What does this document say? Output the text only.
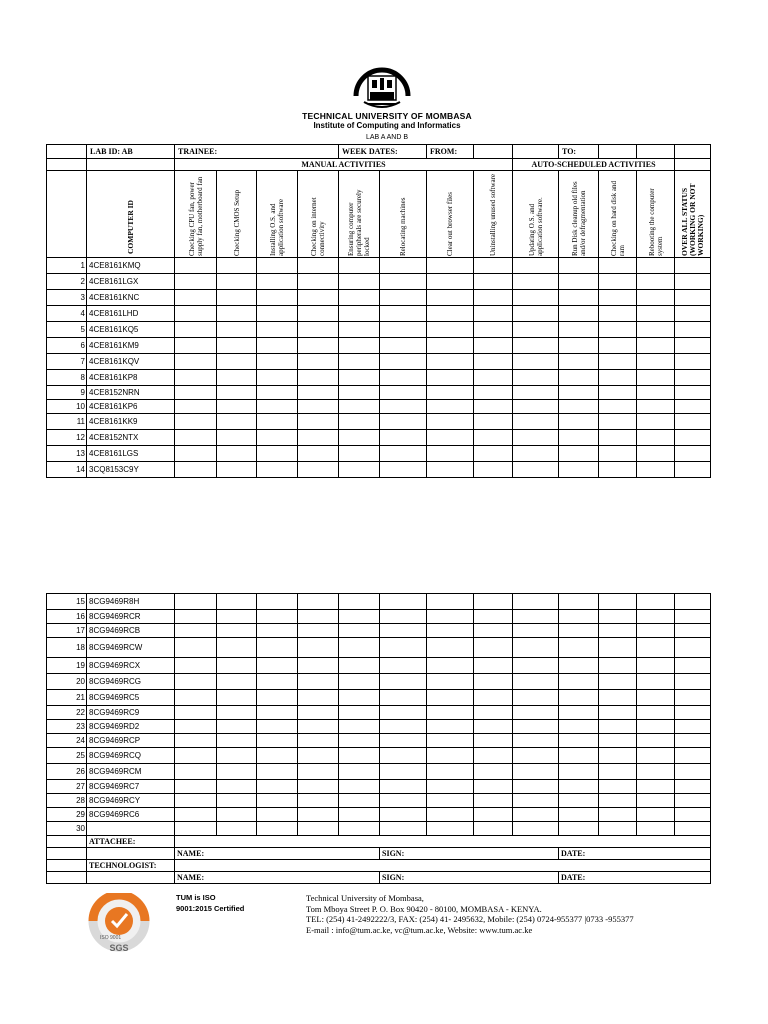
TECHNICAL UNIVERSITY OF MOMBASA
Institute of Computing and Informatics
LAB A AND B
	LAB ID: AB	TRAINEE:				WEEK DATES:		FROM:			TO:			
		MANUAL ACTIVITIES								AUTO-SCHEDULED ACTIVITIES				

	COMPUTER ID	Checking CPU fan, power supply fan, motherboard fan	Checking CMOS Setup	Installing O.S. and application software	Checking on internet connectivity	Ensuring computer peripherals are securely locked	Relocating machines	Clear out browser files	Uninstalling unused software	Updating O.S. and application software.	Run Disk cleanup old files and/or defragmentation	Checking on hard disk and ram	Rebooting the computer system	OVER ALL STATUS (WORKING OR NOT WORKING)

1	4CE8161KMQ													
2	4CE8161LGX													
3	4CE8161KNC													
4	4CE8161LHD													
5	4CE8161KQ5													
6	4CE8161KM9													
7	4CE8161KQV													
8	4CE8161KP8													
9	4CE8152NRN													
10	4CE8161KP6													
11	4CE8161KK9													
12	4CE8152NTX													
13	4CE8161LGS													
14	3CQ8153C9Y													
15	8CG9469R8H													
16	8CG9469RCR													
17	8CG9469RCB													
18	8CG9469RCW													
19	8CG9469RCX													
20	8CG9469RCG													
21	8CG9469RC5													
22	8CG9469RC9													
23	8CG9469RD2													
24	8CG9469RCP													
25	8CG9469RCQ													
26	8CG9469RCM													
27	8CG9469RC7													
28	8CG9469RCY													
29	8CG9469RC6													
30														
	ATTACHEE:													
		NAME:					SIGN:				DATE:			
	TECHNOLOGIST:													
		NAME:					SIGN:				DATE:			
ISO 9001
SGS
TUM is ISO
9001:2015 Certified
Technical University of Mombasa,
Tom Mboya Street P. O. Box 90420 - 80100, MOMBASA - KENYA.
TEL: (254) 41-2492222/3, FAX: (254) 41- 2495632, Mobile: (254) 0724-955377 |0733 -955377
E-mail : info@tum.ac.ke, vc@tum.ac.ke, Website: www.tum.ac.ke
